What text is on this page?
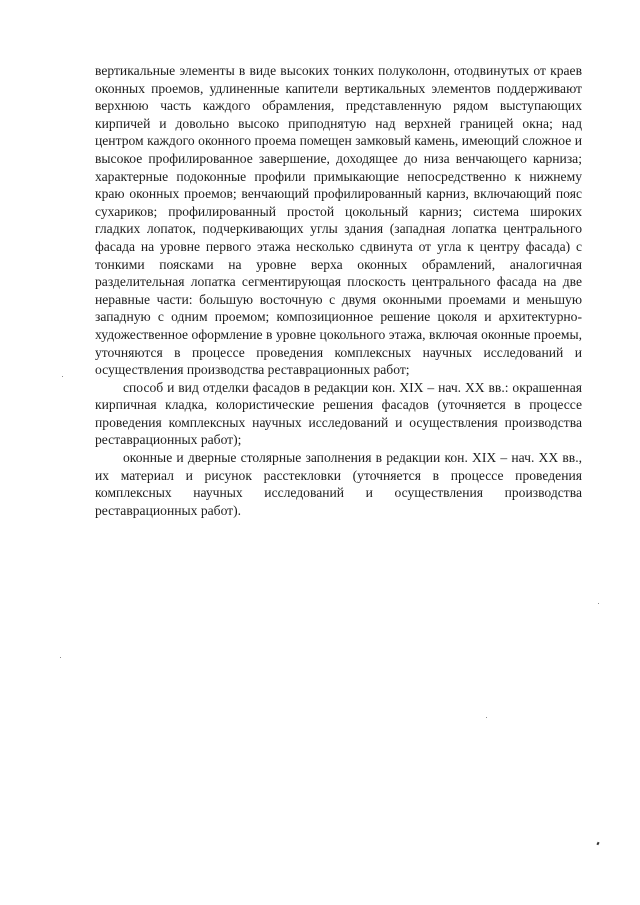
вертикальные элементы в виде высоких тонких полуколонн, отодвинутых от краев оконных проемов, удлиненные капители вертикальных элементов поддерживают верхнюю часть каждого обрамления, представленную рядом выступающих кирпичей и довольно высоко приподнятую над верхней границей окна; над центром каждого оконного проема помещен замковый камень, имеющий сложное и высокое профилированное завершение, доходящее до низа венчающего карниза; характерные подоконные профили примыкающие непосредственно к нижнему краю оконных проемов; венчающий профилированный карниз, включающий пояс сухариков; профилированный простой цокольный карниз; система широких гладких лопаток, подчеркивающих углы здания (западная лопатка центрального фасада на уровне первого этажа несколько сдвинута от угла к центру фасада) с тонкими поясками на уровне верха оконных обрамлений, аналогичная разделительная лопатка сегментирующая плоскость центрального фасада на две неравные части: большую восточную с двумя оконными проемами и меньшую западную с одним проемом; композиционное решение цоколя и архитектурно-художественное оформление в уровне цокольного этажа, включая оконные проемы, уточняются в процессе проведения комплексных научных исследований и осуществления производства реставрационных работ;

способ и вид отделки фасадов в редакции кон. XIX – нач. XX вв.: окрашенная кирпичная кладка, колористические решения фасадов (уточняется в процессе проведения комплексных научных исследований и осуществления производства реставрационных работ);

оконные и дверные столярные заполнения в редакции кон. XIX – нач. XX вв., их материал и рисунок расстекловки (уточняется в процессе проведения комплексных научных исследований и осуществления производства реставрационных работ).
